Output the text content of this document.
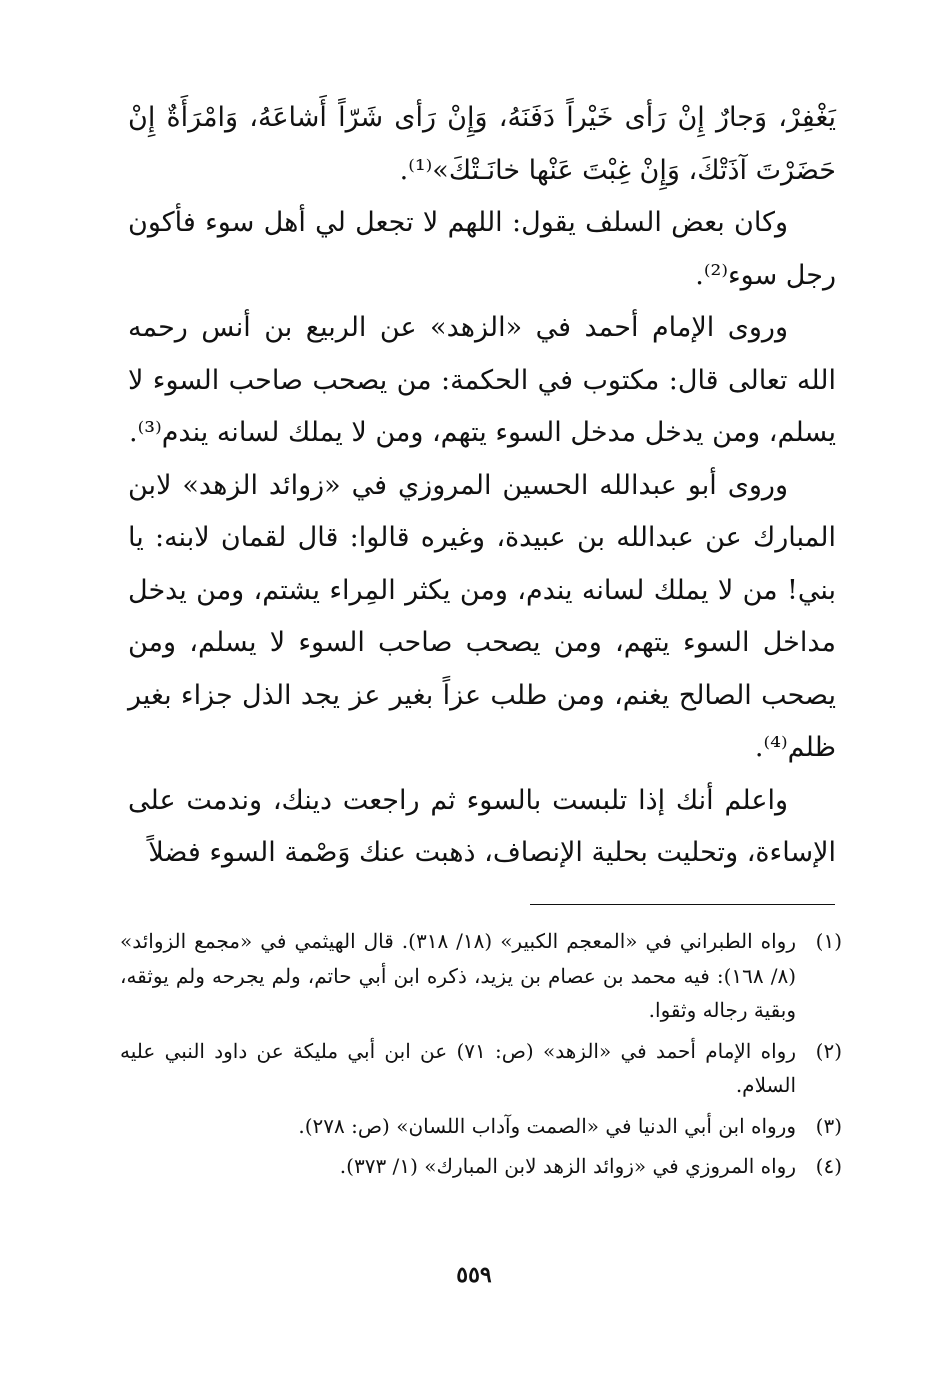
يَغْفِرْ، وَجارٌ إِنْ رَأى خَيْراً دَفَنَهُ، وَإِنْ رَأى شَرّاً أَشاعَهُ، وَامْرَأَةٌ إِنْ حَضَرْتَ آذَتْكَ، وَإِنْ غِبْتَ عَنْها خانَـتْكَ»⁽¹⁾.

وكان بعض السلف يقول: اللهم لا تجعل لي أهل سوء فأكون رجل سوء⁽²⁾.

وروى الإمام أحمد في «الزهد» عن الربيع بن أنس رحمه الله تعالى قال: مكتوب في الحكمة: من يصحب صاحب السوء لا يسلم، ومن يدخل مدخل السوء يتهم، ومن لا يملك لسانه يندم⁽³⁾.

وروى أبو عبدالله الحسين المروزي في «زوائد الزهد» لابن المبارك عن عبدالله بن عبيدة، وغيره قالوا: قال لقمان لابنه: يا بني! من لا يملك لسانه يندم، ومن يكثر المِراء يشتم، ومن يدخل مداخل السوء يتهم، ومن يصحب صاحب السوء لا يسلم، ومن يصحب الصالح يغنم، ومن طلب عزاً بغير عز يجد الذل جزاء بغير ظلم⁽⁴⁾.

واعلم أنك إذا تلبست بالسوء ثم راجعت دينك، وندمت على الإساءة، وتحليت بحلية الإنصاف، ذهبت عنك وَصْمة السوء فضلاً

(١)
رواه الطبراني في «المعجم الكبير» (١٨/ ٣١٨). قال الهيثمي في «مجمع الزوائد» (٨/ ١٦٨): فيه محمد بن عصام بن يزيد، ذكره ابن أبي حاتم، ولم يجرحه ولم يوثقه، وبقية رجاله وثقوا.
(٢)
رواه الإمام أحمد في «الزهد» (ص: ٧١) عن ابن أبي مليكة عن داود النبي عليه السلام.
(٣)
ورواه ابن أبي الدنيا في «الصمت وآداب اللسان» (ص: ٢٧٨).
(٤)
رواه المروزي في «زوائد الزهد لابن المبارك» (١/ ٣٧٣).
٥٥٩
